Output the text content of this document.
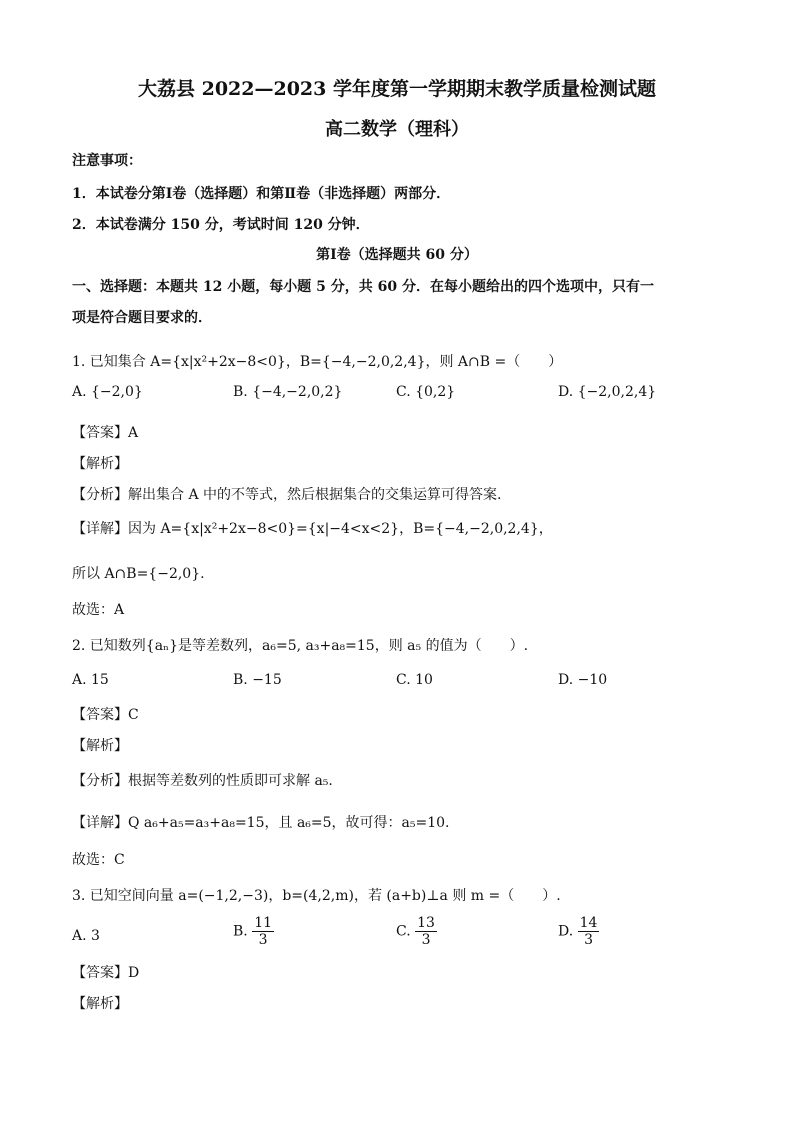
大荔县 2022—2023 学年度第一学期期末教学质量检测试题
高二数学（理科）
注意事项：
1．本试卷分第Ⅰ卷（选择题）和第Ⅱ卷（非选择题）两部分．
2．本试卷满分 150 分，考试时间 120 分钟．
第Ⅰ卷（选择题共 60 分）
一、选择题：本题共 12 小题，每小题 5 分，共 60 分．在每小题给出的四个选项中，只有一
项是符合题目要求的．
1. 已知集合 A={x|x²+2x−8<0}，B={−4,−2,0,2,4}，则 A∩B =（　　）
A. {−2,0}	B. {−4,−2,0,2}	C. {0,2}	D. {−2,0,2,4}
【答案】A
【解析】
【分析】解出集合 A 中的不等式，然后根据集合的交集运算可得答案.
【详解】因为 A={x|x²+2x−8<0}={x|−4<x<2}，B={−4,−2,0,2,4}，
所以 A∩B={−2,0}.
故选：A
2. 已知数列{aₙ}是等差数列，a₆=5, a₃+a₈=15，则 a₅ 的值为（　　）.
A. 15	B. −15	C. 10	D. −10
【答案】C
【解析】
【分析】根据等差数列的性质即可求解 a₅.
【详解】Q a₆+a₅=a₃+a₈=15，且 a₆=5，故可得：a₅=10.
故选：C
3. 已知空间向量 a=(−1,2,−3)，b=(4,2,m)，若 (a+b)⊥a 则 m =（　　）.
A. 3	B. $\frac{11}{3}$	C. $\frac{13}{3}$	D. $\frac{14}{3}$
【答案】D
【解析】
